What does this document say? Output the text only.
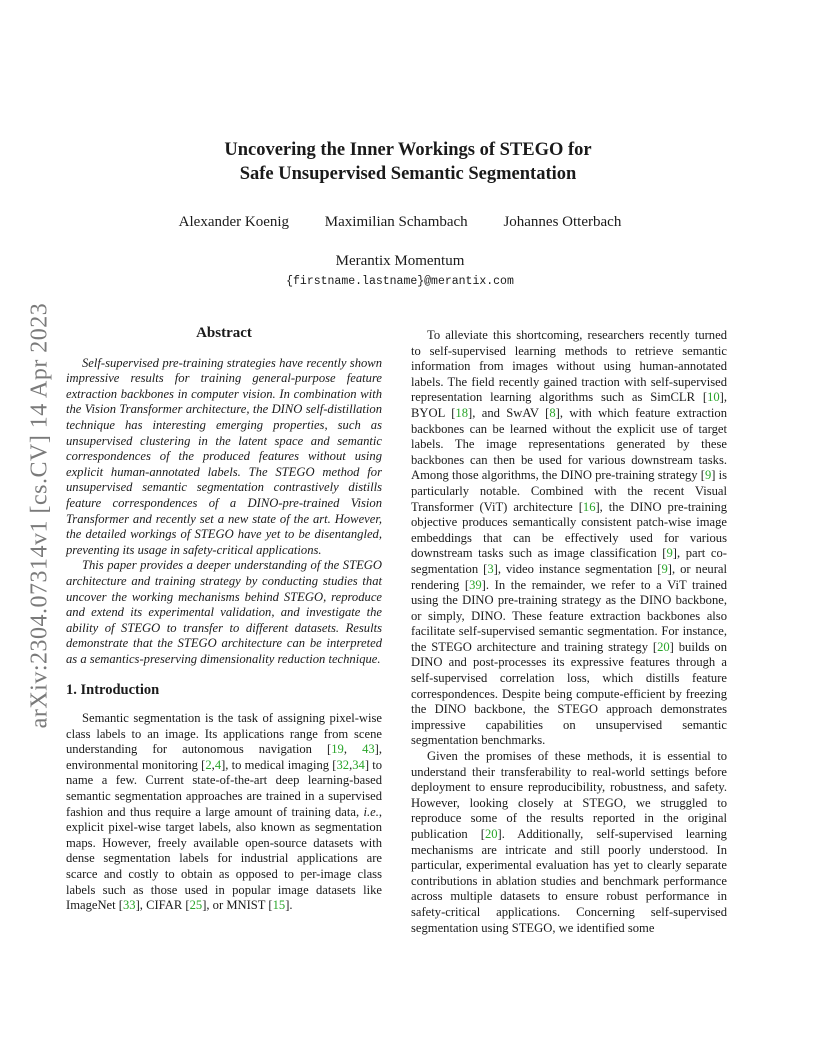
arXiv:2304.07314v1 [cs.CV] 14 Apr 2023
Uncovering the Inner Workings of STEGO for
Safe Unsupervised Semantic Segmentation
Alexander Koenig Maximilian Schambach Johannes Otterbach
Merantix Momentum
{firstname.lastname}@merantix.com
Abstract

Self-supervised pre-training strategies have recently shown impressive results for training general-purpose feature extraction backbones in computer vision. In combination with the Vision Transformer architecture, the DINO self-distillation technique has interesting emerging properties, such as unsupervised clustering in the latent space and semantic correspondences of the produced features without using explicit human-annotated labels. The STEGO method for unsupervised semantic segmentation contrastively distills feature correspondences of a DINO-pre-trained Vision Transformer and recently set a new state of the art. However, the detailed workings of STEGO have yet to be disentangled, preventing its usage in safety-critical applications.

This paper provides a deeper understanding of the STEGO architecture and training strategy by conducting studies that uncover the working mechanisms behind STEGO, reproduce and extend its experimental validation, and investigate the ability of STEGO to transfer to different datasets. Results demonstrate that the STEGO architecture can be interpreted as a semantics-preserving dimensionality reduction technique.

1. Introduction

Semantic segmentation is the task of assigning pixel-wise class labels to an image. Its applications range from scene understanding for autonomous navigation [19, 43], environmental monitoring [2,4], to medical imaging [32,34] to name a few. Current state-of-the-art deep learning-based semantic segmentation approaches are trained in a supervised fashion and thus require a large amount of training data, i.e., explicit pixel-wise target labels, also known as segmentation maps. However, freely available open-source datasets with dense segmentation labels for industrial applications are scarce and costly to obtain as opposed to per-image class labels such as those used in popular image datasets like ImageNet [33], CIFAR [25], or MNIST [15].

To alleviate this shortcoming, researchers recently turned to self-supervised learning methods to retrieve semantic information from images without using human-annotated labels. The field recently gained traction with self-supervised representation learning algorithms such as SimCLR [10], BYOL [18], and SwAV [8], with which feature extraction backbones can be learned without the explicit use of target labels. The image representations generated by these backbones can then be used for various downstream tasks. Among those algorithms, the DINO pre-training strategy [9] is particularly notable. Combined with the recent Visual Transformer (ViT) architecture [16], the DINO pre-training objective produces semantically consistent patch-wise image embeddings that can be effectively used for various downstream tasks such as image classification [9], part co-segmentation [3], video instance segmentation [9], or neural rendering [39]. In the remainder, we refer to a ViT trained using the DINO pre-training strategy as the DINO backbone, or simply, DINO. These feature extraction backbones also facilitate self-supervised semantic segmentation. For instance, the STEGO architecture and training strategy [20] builds on DINO and post-processes its expressive features through a self-supervised correlation loss, which distills feature correspondences. Despite being compute-efficient by freezing the DINO backbone, the STEGO approach demonstrates impressive capabilities on unsupervised semantic segmentation benchmarks.

Given the promises of these methods, it is essential to understand their transferability to real-world settings before deployment to ensure reproducibility, robustness, and safety. However, looking closely at STEGO, we struggled to reproduce some of the results reported in the original publication [20]. Additionally, self-supervised learning mechanisms are intricate and still poorly understood. In particular, experimental evaluation has yet to clearly separate contributions in ablation studies and benchmark performance across multiple datasets to ensure robust performance in safety-critical applications. Concerning self-supervised segmentation using STEGO, we identified some
